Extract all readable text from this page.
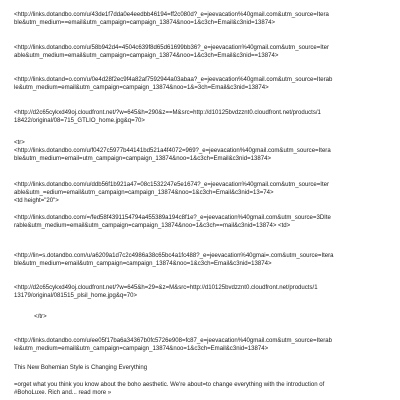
<http://links.dotandbo.com/u/43de1f7dda0e4eedbb46194=ff2c080d?_e=jeevacation%40gmail.com&utm_source=Itera
ble&utm_medium==email&utm_campaign=campaign_13874&noo=1&c3ch=Email&c3nid=13874>
<http://links.dotandbo.com/u/58b942d4=4504c639f8d65d61699bb36?_e=jeevacation%40gmail.com&utm_source=Iter
able&utm_medium=email&utm_campaign=campaign_13874&noo=1&c3ch=Email&c3nid==13874>
<http://links.dotand=o.com/u/0e4d28f2ec9f4a82af7592944a03abaa?_e=jeevacation%40gmail.com&utm_source=Iterab
le&utm_medium=email&utm_campaign=campaign_13874&noo=1&=3ch=Email&c3nid=13874>
<http://d2c65cykxd49oj.cloudfront.net/?w=645&h=290&z==M&src=http://d10125bvdzznt0.cloudfront.net/products/1
18422/original/08=715_GTLIO_home.jpg&q=70>
<tr>
<http://links.dotandbo.com/u/f0427c5977b44141bd521a4f4072=969?_e=jeevacation%40gmail.com&utm_source=Itera
ble&utm_medium=email=utm_campaign=campaign_13874&noo=1&c3ch=Email&c3nid=13874>
<http://links.dotandbo.com/u/ddb56f1b921a47=08c1532247e5e1674?_e=jeevacation%40gmail.com&utm_source=Iter
able&utm_=edium=email&utm_campaign=campaign_13874&noo=1&c3ch=Email&c3nid=13=74>
<td height="20">
<http://links.dotandbo.com/=/fed58f4391154794a455389a194c8f1e?_e=jeevacation%40gmail.com&utm_source=3DIte
rable&utm_medium=email&utm_campaign=campaign_13874&noo=1&c3ch==mail&c3nid=13874> <td>
<http://lin=s.dotandbo.com/u/a6209a1d7c2c4986a38c65bc4a1fc488?_e=jeevacation%40gmai=.com&utm_source=Itera
ble&utm_medium=email&utm_campaign=campaign_13874&noo=1&c3ch=Email&c3nid=13874>
<http://d2c65cykxd49oj.cloudfront.net/?w=645&h=29=&z=M&src=http://d10125bvdzznt0.cloudfront.net/products/1
13179/original/081515_plsil_home.jpg&q=70>
</tr>
<http://links.dotandbo.com/u/ee05f17ba6a34367b0fc5726e908=fc87_e=jeevacation%40gmail.com&utm_source=Iterab
le&utm_medium=email&utm_campaign=campaign_13874&noo=1&c3ch=Email&c3nid=13874>
This New Bohemian Style is Changing Everything
=orget what you think you know about the boho aesthetic. We're about=to change everything with the introduction of
#BohoLuxe. Rich and... read more »
